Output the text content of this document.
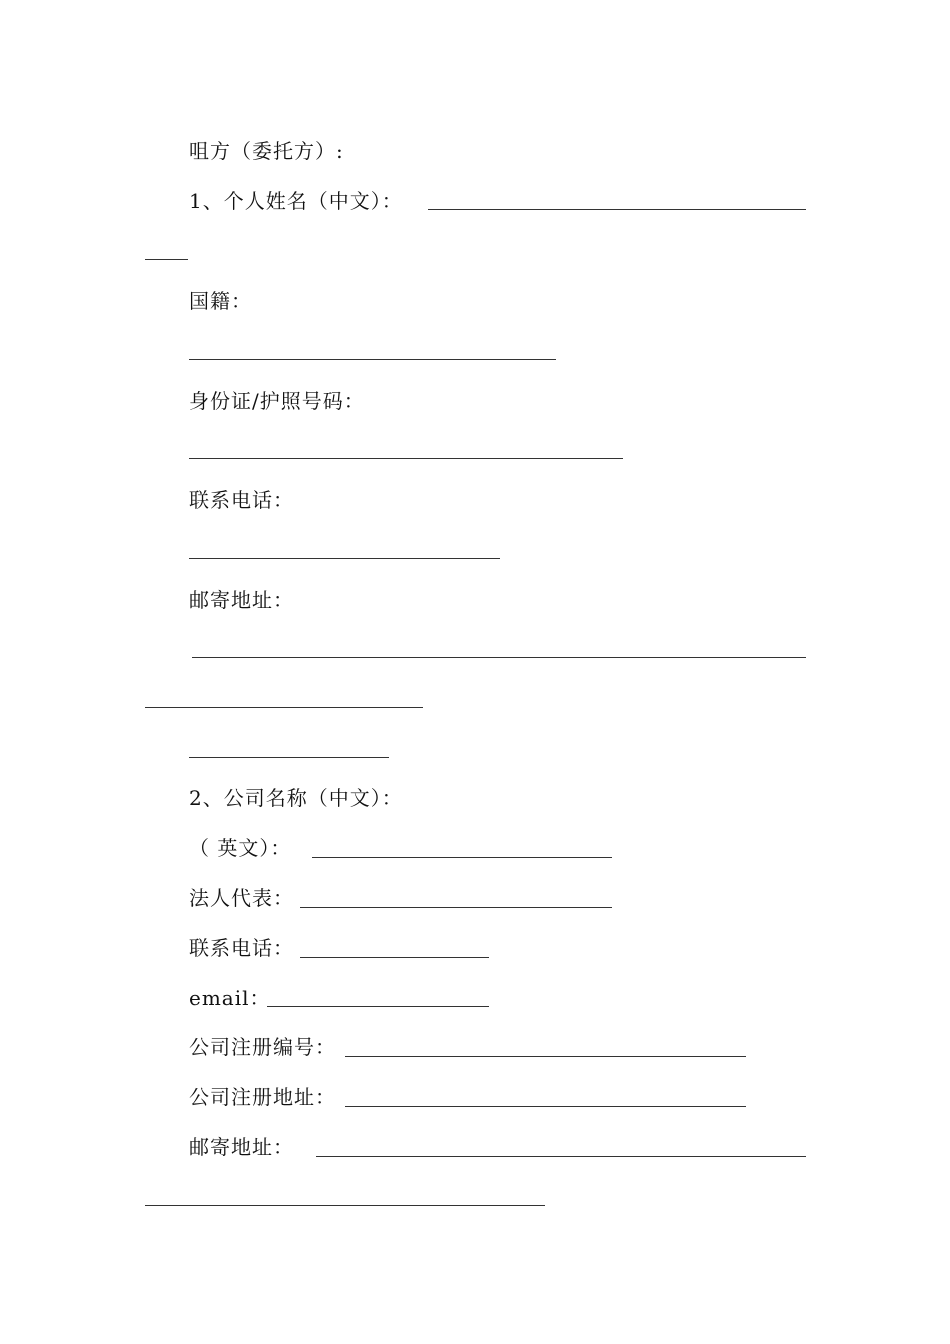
咀方（委托方）:
1、个人姓名（中文）：
国籍：
身份证/护照号码：
联系电话：
邮寄地址：
2、公司名称（中文）：
（ 英文）：
法人代表：
联系电话：
email：
公司注册编号：
公司注册地址：
邮寄地址：
